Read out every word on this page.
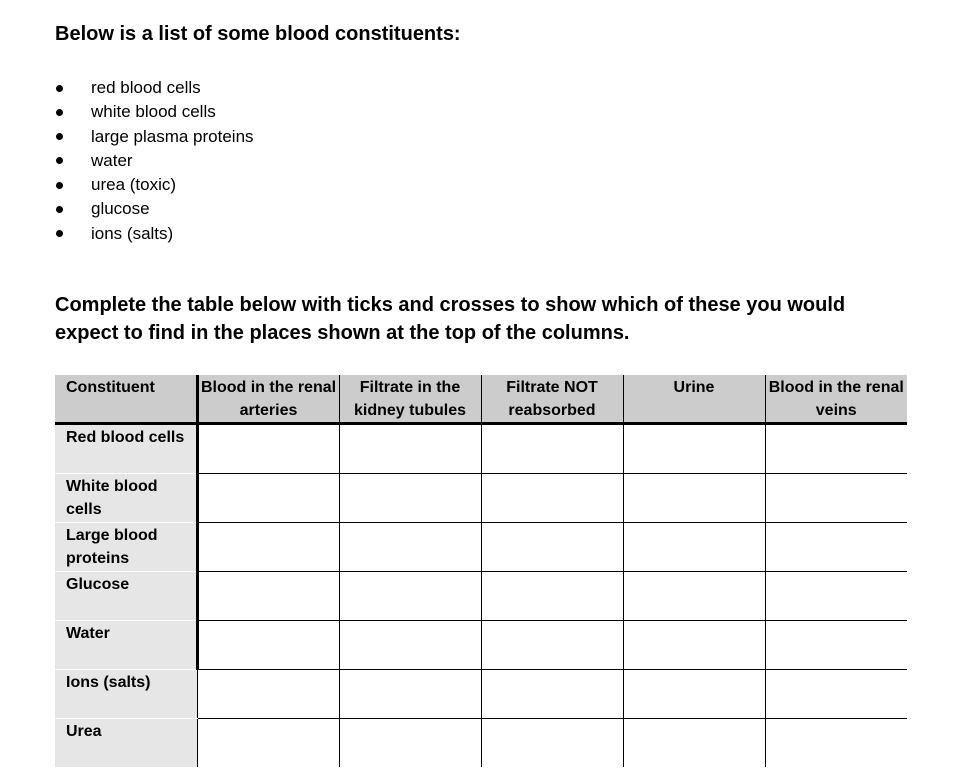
Below is a list of some blood constituents:
red blood cells
white blood cells
large plasma proteins
water
urea (toxic)
glucose
ions (salts)
Complete the table below with ticks and crosses to show which of these you would expect to find in the places shown at the top of the columns.
Constituent	Blood in the renal arteries	Filtrate in the kidney tubules	Filtrate NOT reabsorbed	Urine	Blood in the renal veins
Red blood cells					
White blood cells					
Large blood proteins					
Glucose					
Water					
Ions (salts)					
Urea					
